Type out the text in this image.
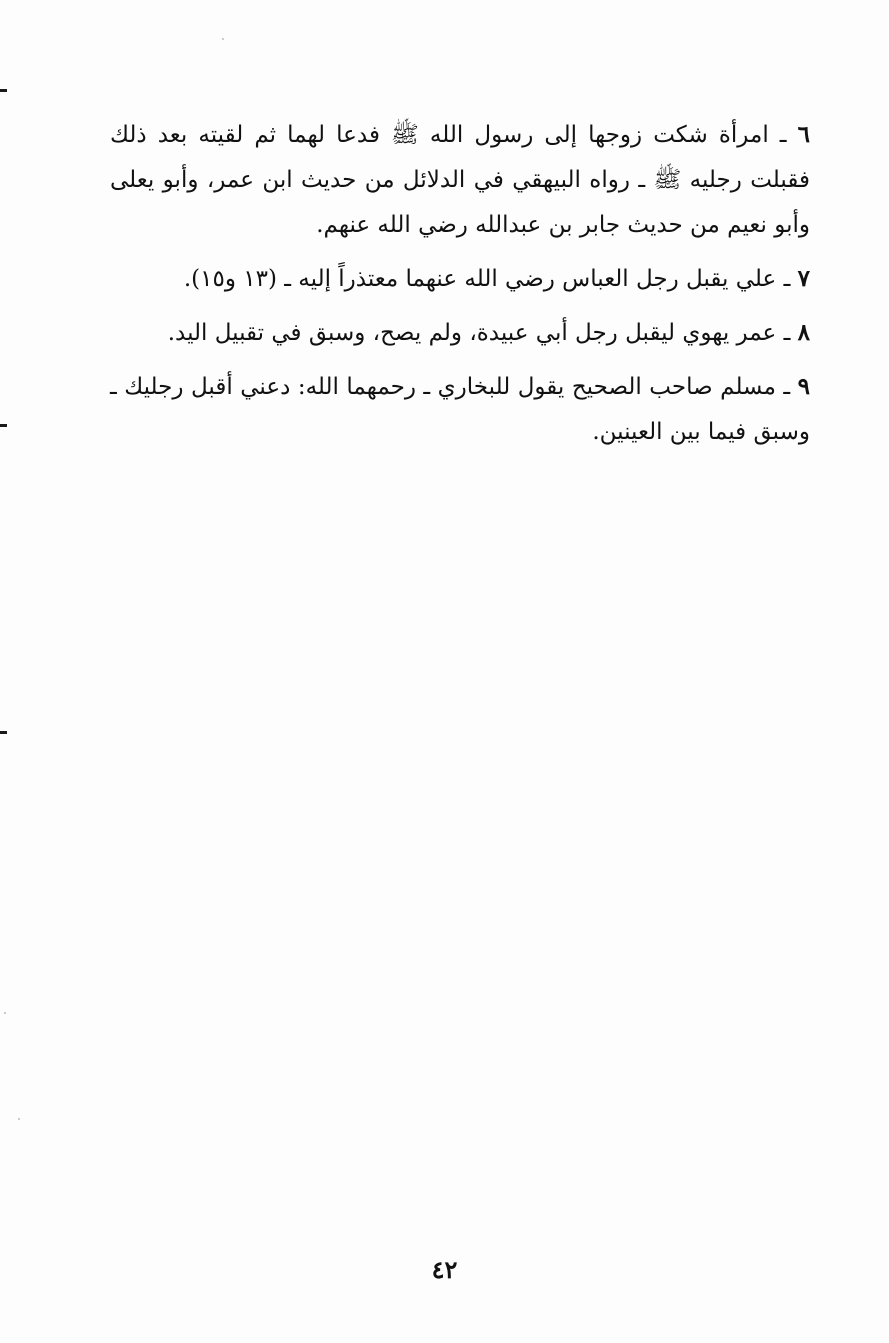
٦ ـ امرأة شكت زوجها إلى رسول الله ﷺ فدعا لهما ثم لقيته بعد ذلك فقبلت رجليه ﷺ ـ رواه البيهقي في الدلائل من حديث ابن عمر، وأبو يعلى وأبو نعيم من حديث جابر بن عبدالله رضي الله عنهم.

٧ ـ علي يقبل رجل العباس رضي الله عنهما معتذراً إليه ـ (١٣ و١٥).

٨ ـ عمر يهوي ليقبل رجل أبي عبيدة، ولم يصح، وسبق في تقبيل اليد.

٩ ـ مسلم صاحب الصحيح يقول للبخاري ـ رحمهما الله: دعني أقبل رجليك ـ وسبق فيما بين العينين.

٤٢
